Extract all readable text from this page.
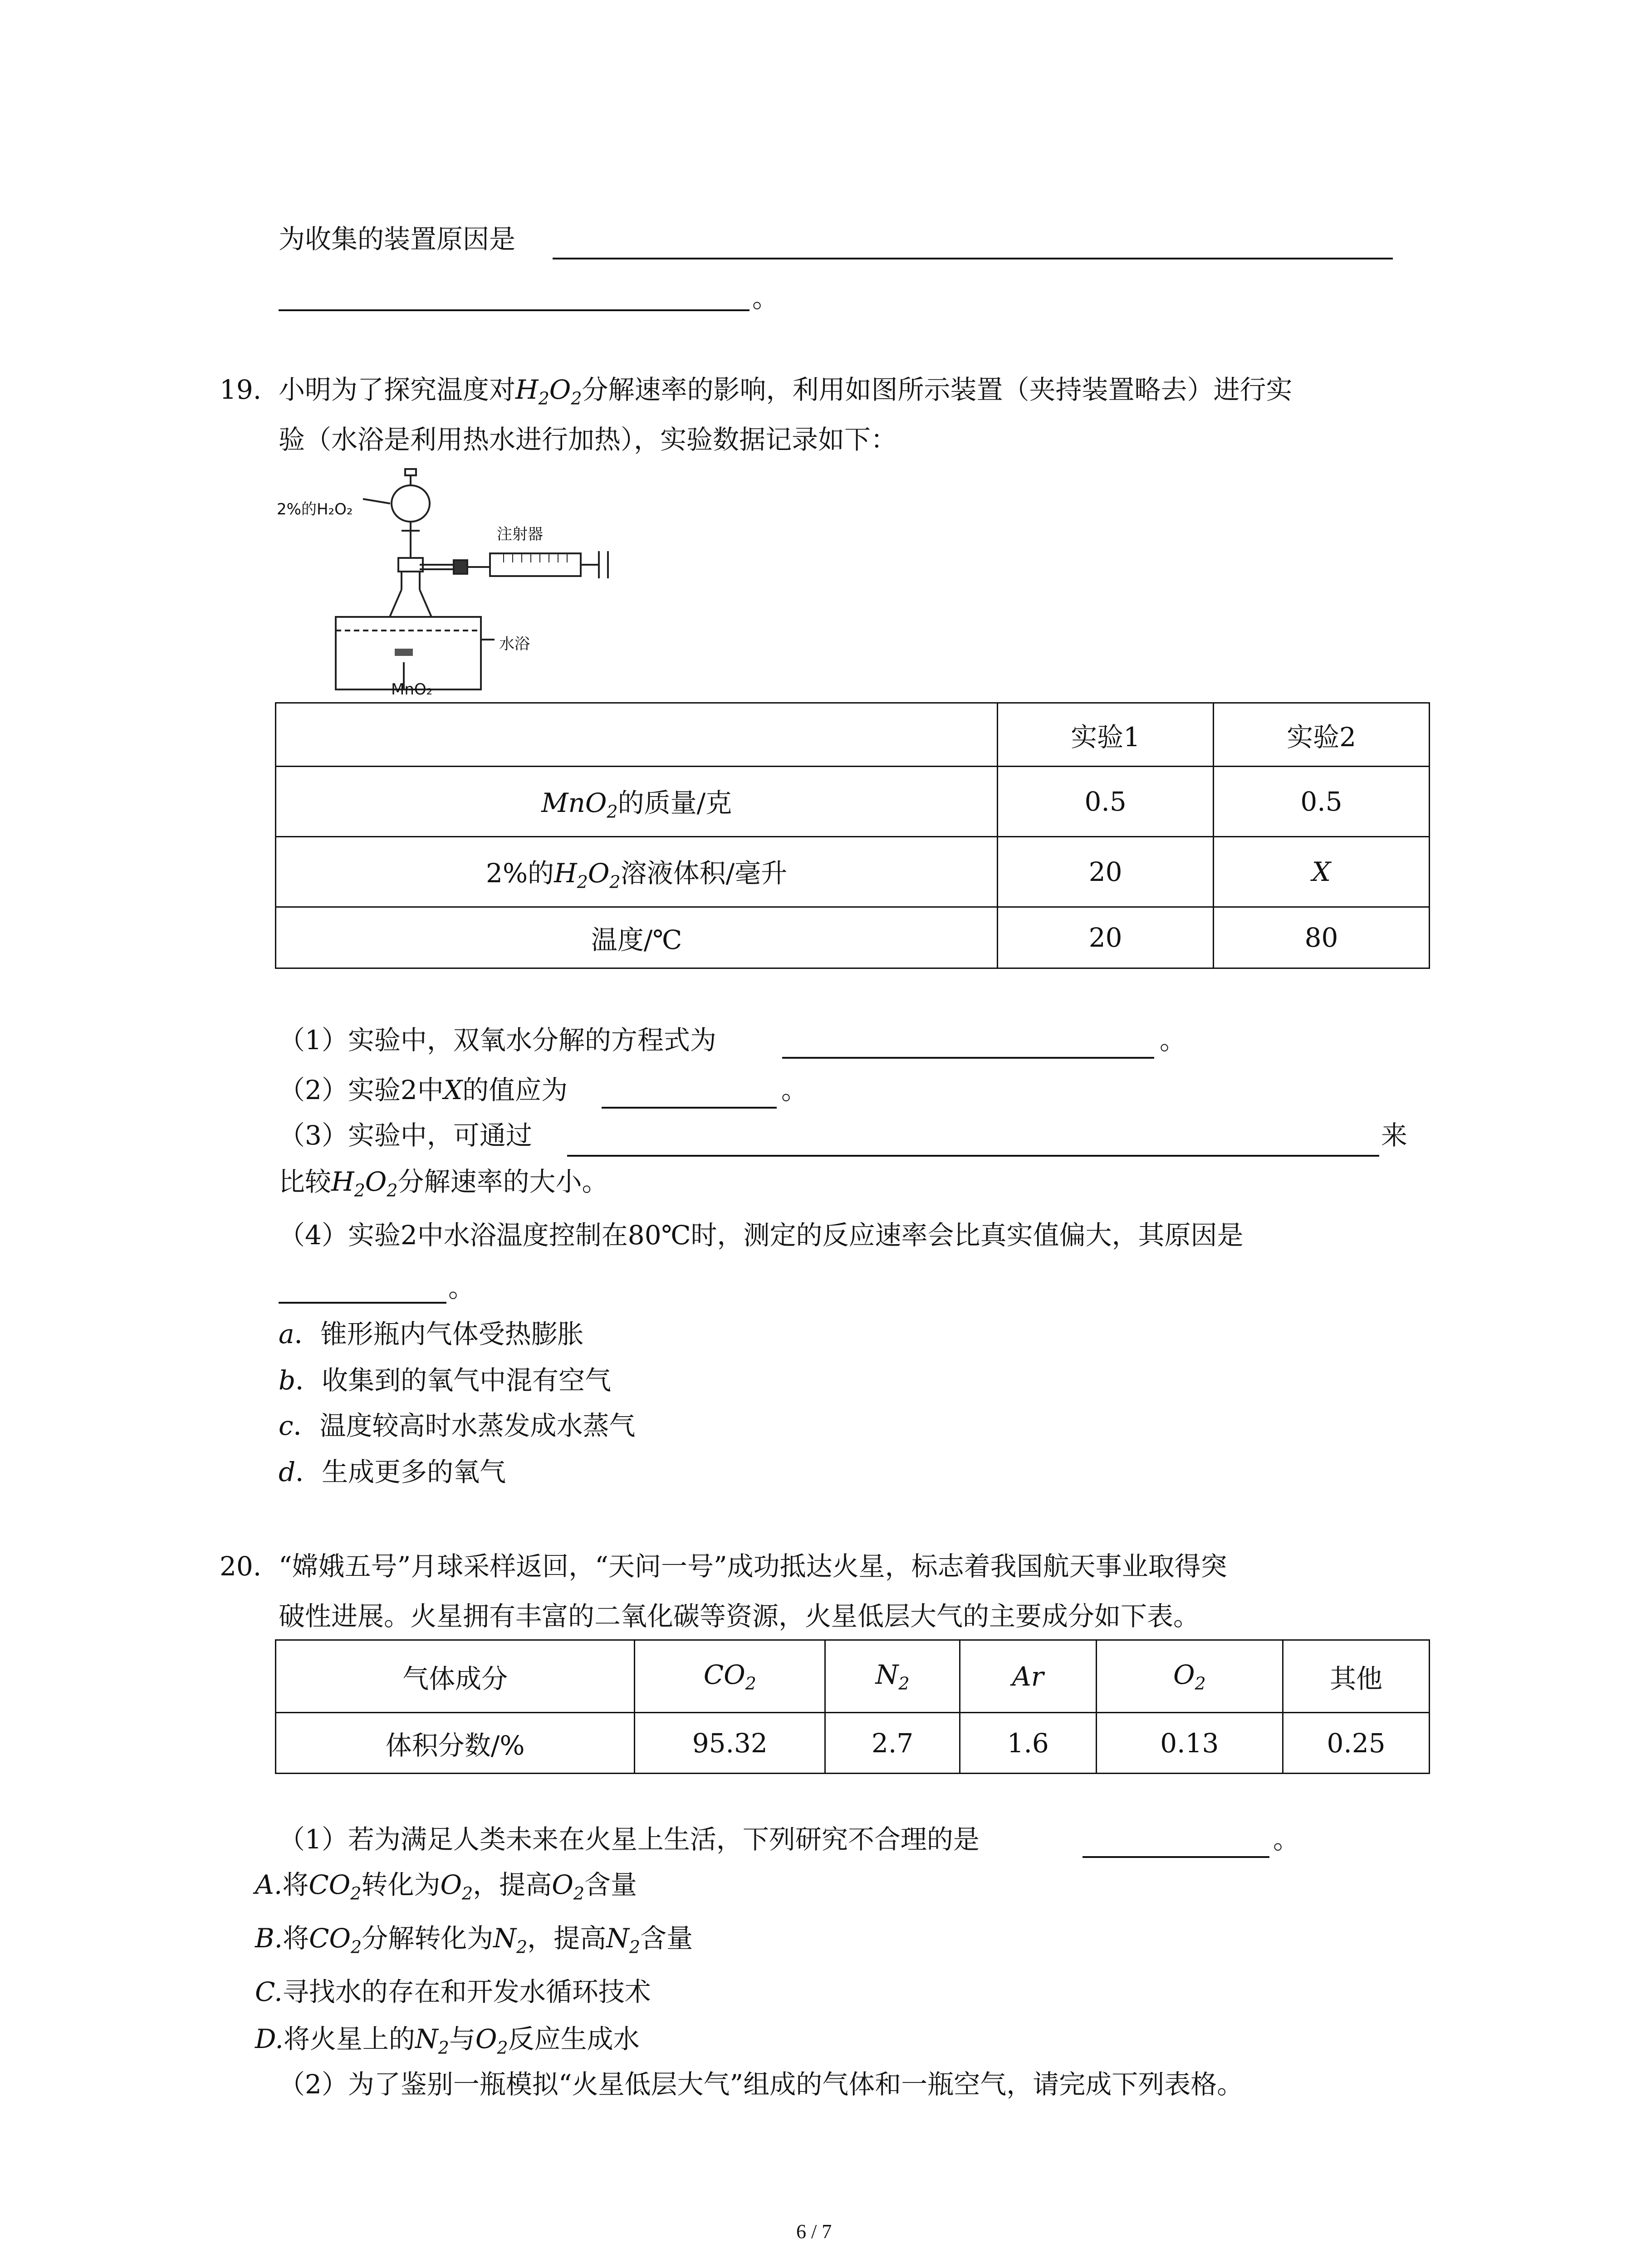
为收集的装置原因是
。
19. 小明为了探究温度对$H_2O_2$分解速率的影响，利用如图所示装置（夹持装置略去）进行实
验（水浴是利用热水进行加热），实验数据记录如下：
2%的H₂O₂
注射器
水浴
MnO₂
	实验1	实验2
MnO$_2$的质量/克	0.5	0.5
2%的$H_2O_2$溶液体积/毫升	20	X
温度/℃	20	80
（1）实验中，双氧水分解的方程式为	。
（2）实验2中X的值应为	。
（3）实验中，可通过	来
比较$H_2O_2$分解速率的大小。
（4）实验2中水浴温度控制在80℃时，测定的反应速率会比真实值偏大，其原因是
。
a．锥形瓶内气体受热膨胀
b．收集到的氧气中混有空气
c．温度较高时水蒸发成水蒸气
d．生成更多的氧气
20. “嫦娥五号”月球采样返回，“天问一号”成功抵达火星，标志着我国航天事业取得突
破性进展。火星拥有丰富的二氧化碳等资源，火星低层大气的主要成分如下表。
气体成分	$CO_2$	$N_2$	Ar	$O_2$	其他
体积分数/%	95.32	2.7	1.6	0.13	0.25
（1）若为满足人类未来在火星上生活，下列研究不合理的是	。
A.将$CO_2$转化为$O_2$，提高$O_2$含量
B.将$CO_2$分解转化为$N_2$，提高$N_2$含量
C.寻找水的存在和开发水循环技术
D.将火星上的$N_2$与$O_2$反应生成水
（2）为了鉴别一瓶模拟“火星低层大气”组成的气体和一瓶空气，请完成下列表格。
6 / 7
